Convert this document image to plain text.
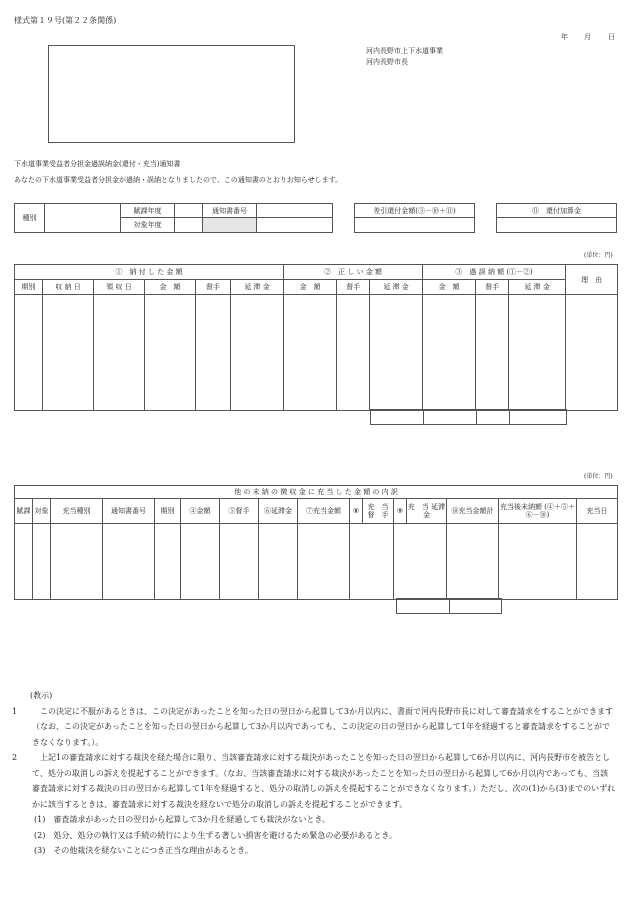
様式第１９号(第２２条関係)
年 月 日
河内長野市上下水道事業
河内長野市長
下水道事業受益者分担金過誤納金(還付・充当)通知書
あなたの下水道事業受益者分担金が過納・誤納となりましたので、この通知書のとおりお知らせします。
種別		賦課年度		通知書番号	
		対象年度			
差引還付金額(③－⑩＋⑪)	⑪　還付加算金

(単位：円)
①　納 付 し た 金 額						②　正 し い 金 額			③　過 誤 納 額 (①－②)			理　由
期別	収 納 日	領 収 日	金　額	督手	延 滞 金	金　額	督手	延 滞 金	金　額	督手	延 滞 金	

(単位：円)
他 の 未 納 の 徴 収 金 に 充 当 し た 金 額 の 内 訳															
賦課	対象	充当種別	通知書番号	期別	④金額	⑤督手	⑥延滞金	⑦充当金額	⑧	充　当 督　手	⑨	充　当 延滞金	⑩充当金額計	充当後未納額 (④＋⑤＋⑥－⑩)	充当日

(教示)

1	この決定に不服があるときは、この決定があったことを知った日の翌日から起算して3か月以内に、書面で河内長野市長に対して審査請求をすることができます（なお、この決定があったことを知った日の翌日から起算して3か月以内であっても、この決定の日の翌日から起算して1年を経過すると審査請求をすることができなくなります。）。

2	上記1の審査請求に対する裁決を経た場合に限り、当該審査請求に対する裁決があったことを知った日の翌日から起算して6か月以内に、河内長野市を被告として、処分の取消しの訴えを提起することができます。（なお、当該審査請求に対する裁決があったことを知った日の翌日から起算して6か月以内であっても、当該審査請求に対する裁決の日の翌日から起算して1年を経過すると、処分の取消しの訴えを提起することができなくなります。）ただし、次の(1)から(3)までのいずれかに該当するときは、審査請求に対する裁決を経ないで処分の取消しの訴えを提起することができます。

(1)　審査請求があった日の翌日から起算して3か月を経過しても裁決がないとき。

(2)　処分、処分の執行又は手続の続行により生ずる著しい損害を避けるため緊急の必要があるとき。

(3)　その他裁決を経ないことにつき正当な理由があるとき。
